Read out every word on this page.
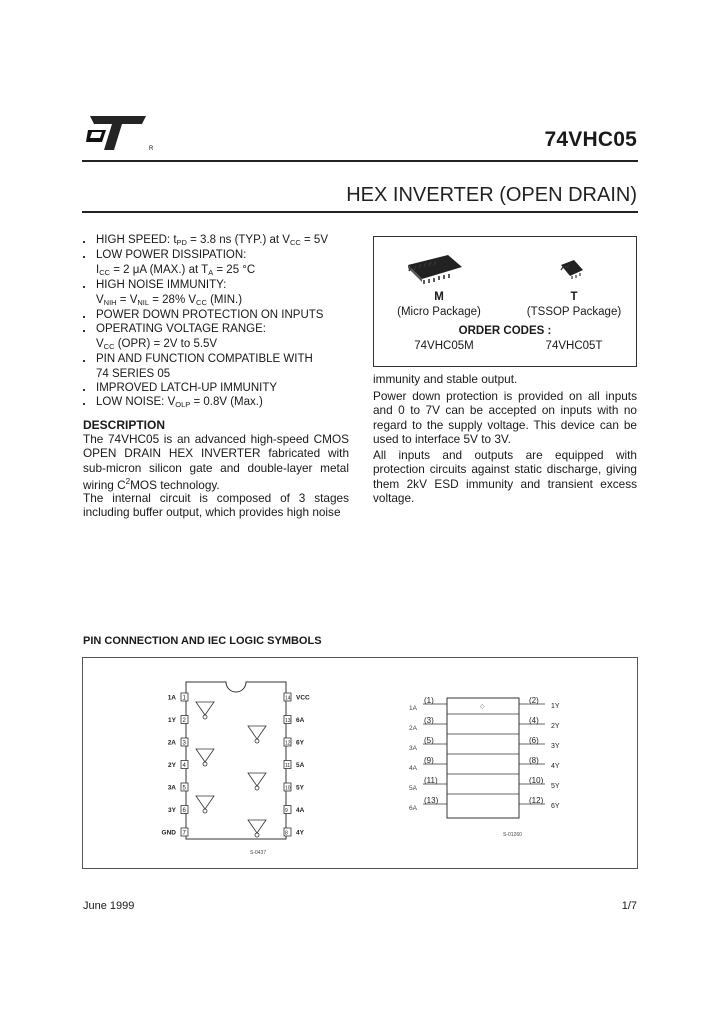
R	74VHC05
HEX INVERTER (OPEN DRAIN)
HIGH SPEED: $t_{PD} = 3.8$ ns (TYP.) at $V_{CC} = 5V$
LOW POWER DISSIPATION:
$I_{CC} = 2$ μA (MAX.) at $T_A = 25$ °C
HIGH NOISE IMMUNITY:
$V_{NIH} = V_{NIL} = 28\%$ $V_{CC}$ (MIN.)
POWER DOWN PROTECTION ON INPUTS
OPERATING VOLTAGE RANGE:
$V_{CC}$ (OPR) = 2V to 5.5V
PIN AND FUNCTION COMPATIBLE WITH
74 SERIES 05
IMPROVED LATCH-UP IMMUNITY
LOW NOISE: $V_{OLP} = 0.8V$ (Max.)
DESCRIPTION
The 74VHC05 is an advanced high-speed CMOS OPEN DRAIN HEX INVERTER fabricated with sub-micron silicon gate and double-layer metal wiring $C^2MOS$ technology.
The internal circuit is composed of 3 stages including buffer output, which provides high noise
immunity and stable output.
Power down protection is provided on all inputs and 0 to 7V can be accepted on inputs with no regard to the supply voltage. This device can be used to interface 5V to 3V.
All inputs and outputs are equipped with protection circuits against static discharge, giving them 2kV ESD immunity and transient excess voltage.
M
(Micro Package)
T
(TSSOP Package)
ORDER CODES :
74VHC05M	74VHC05T
PIN CONNECTION AND IEC LOGIC SYMBOLS
1
1A
2
1Y
3
2A
4
2Y
5
3A
6
3Y
7
GND
14 VCC
13 6A
12 6Y
11 5A
10 5Y
9 4A
8 4Y
S-0437
◇
1A
(1)	(2)
1Y
2A
(3)	(4)
2Y
3A
(5)	(6)
3Y
4A
(9)	(8)
4Y
5A
(11)	(10)
5Y
6A
(13)	(12)
6Y
S-01260
June 1999	1/7
